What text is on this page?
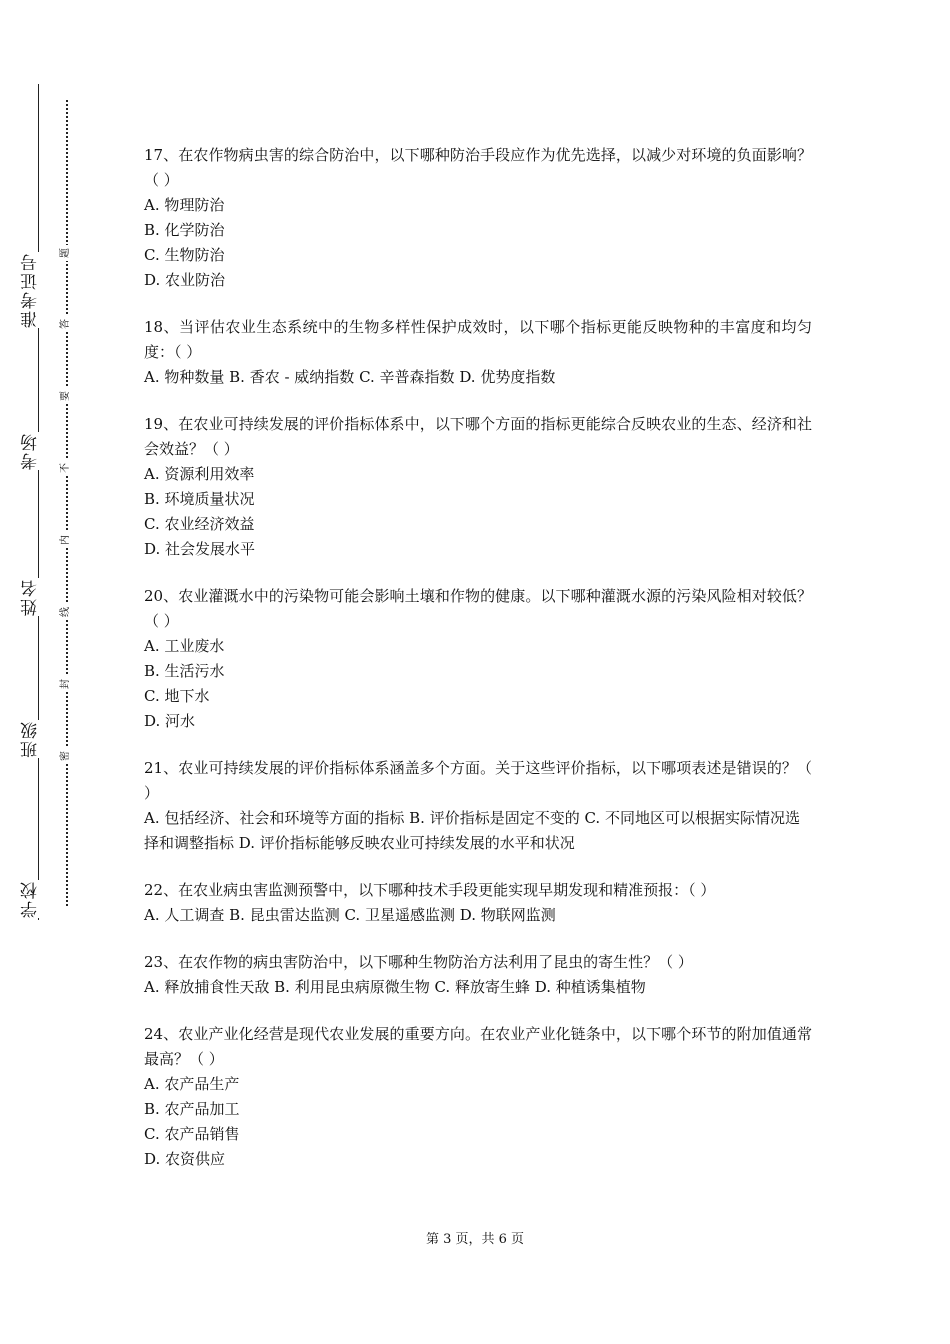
准考证号
考场
姓名
班级
学校
题
答
要
不
内
线
封
密

17、在农作物病虫害的综合防治中，以下哪种防治手段应作为优先选择，以减少对环境的负面影响？（ ）

A. 物理防治

B. 化学防治

C. 生物防治

D. 农业防治

18、当评估农业生态系统中的生物多样性保护成效时，以下哪个指标更能反映物种的丰富度和均匀度：（ ）

A. 物种数量 B. 香农 - 威纳指数 C. 辛普森指数 D. 优势度指数

19、在农业可持续发展的评价指标体系中，以下哪个方面的指标更能综合反映农业的生态、经济和社会效益？（ ）

A. 资源利用效率

B. 环境质量状况

C. 农业经济效益

D. 社会发展水平

20、农业灌溉水中的污染物可能会影响土壤和作物的健康。以下哪种灌溉水源的污染风险相对较低？（ ）

A. 工业废水

B. 生活污水

C. 地下水

D. 河水

21、农业可持续发展的评价指标体系涵盖多个方面。关于这些评价指标，以下哪项表述是错误的？（ ）

A. 包括经济、社会和环境等方面的指标 B. 评价指标是固定不变的 C. 不同地区可以根据实际情况选择和调整指标 D. 评价指标能够反映农业可持续发展的水平和状况

22、在农业病虫害监测预警中，以下哪种技术手段更能实现早期发现和精准预报：（ ）

A. 人工调查 B. 昆虫雷达监测 C. 卫星遥感监测 D. 物联网监测

23、在农作物的病虫害防治中，以下哪种生物防治方法利用了昆虫的寄生性？（ ）

A. 释放捕食性天敌 B. 利用昆虫病原微生物 C. 释放寄生蜂 D. 种植诱集植物

24、农业产业化经营是现代农业发展的重要方向。在农业产业化链条中，以下哪个环节的附加值通常最高？（ ）

A. 农产品生产

B. 农产品加工

C. 农产品销售

D. 农资供应

第 3 页，共 6 页
